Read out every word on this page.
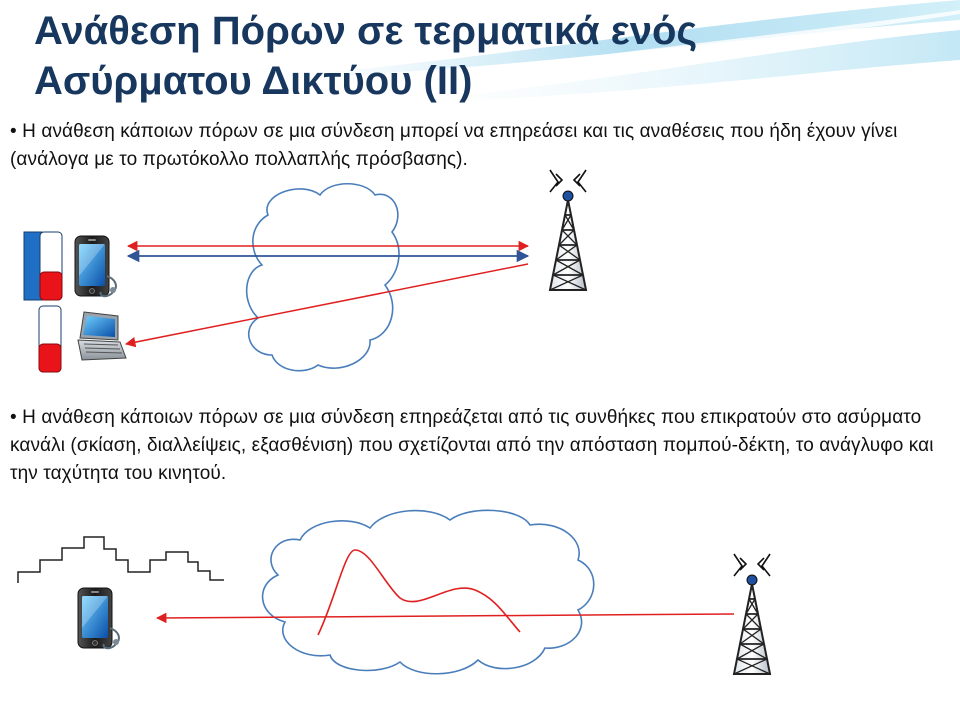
Ανάθεση Πόρων σε τερματικά ενός
Ασύρματου Δικτύου (ΙΙ)

• Η ανάθεση κάποιων πόρων σε μια σύνδεση μπορεί να επηρεάσει και τις αναθέσεις που ήδη έχουν γίνει (ανάλογα με το πρωτόκολλο πολλαπλής πρόσβασης).

• Η ανάθεση κάποιων πόρων σε μια σύνδεση επηρεάζεται από τις συνθήκες που επικρατούν στο ασύρματο κανάλι (σκίαση, διαλλείψεις, εξασθένιση) που σχετίζονται από την απόσταση πομπού-δέκτη, το ανάγλυφο και την ταχύτητα του κινητού.
